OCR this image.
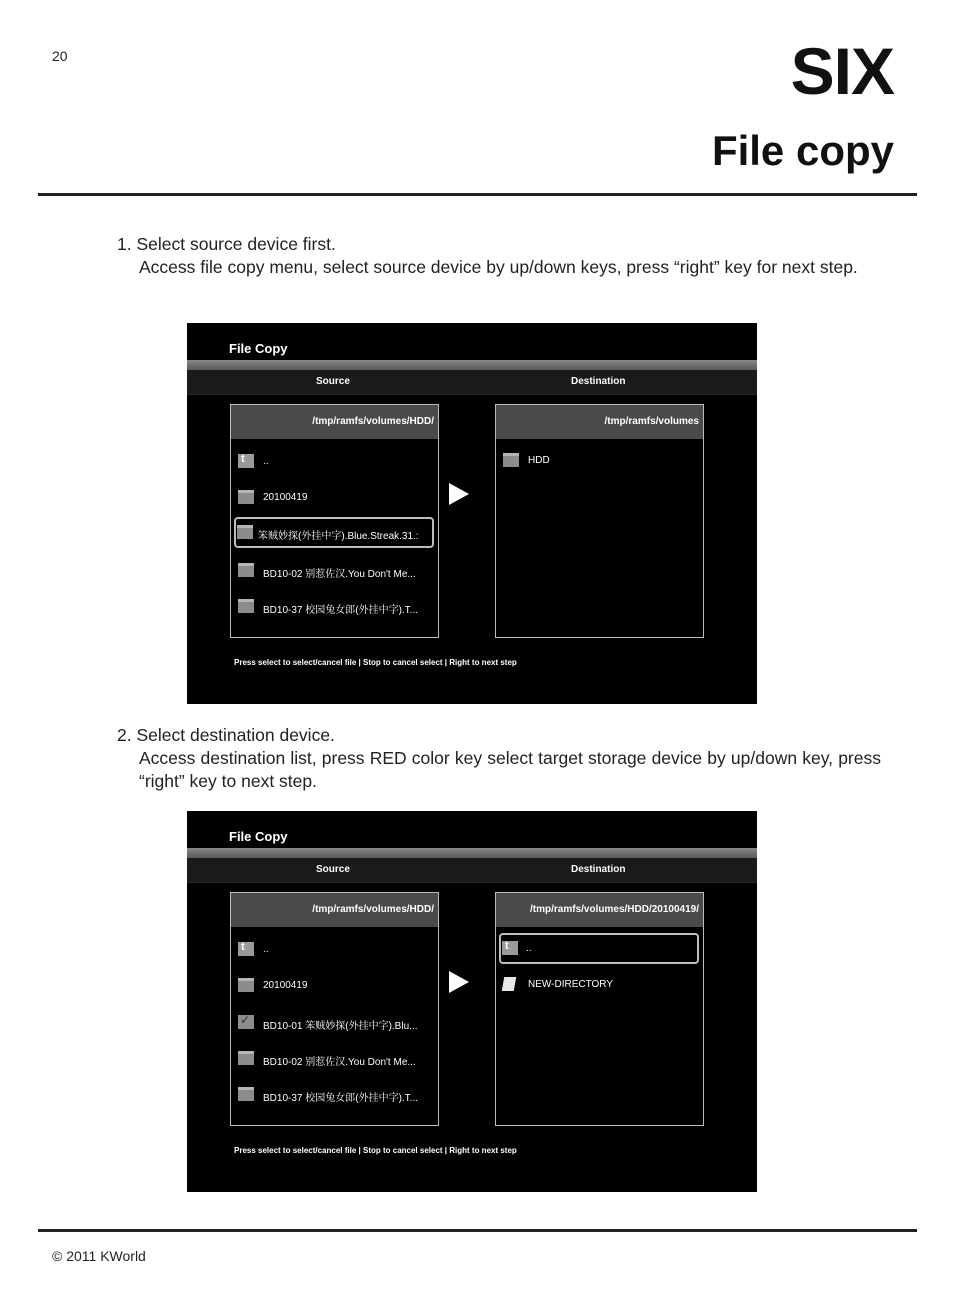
20	SIX
File copy
1. Select source device first.
Access file copy menu, select source device by up/down keys, press “right” key for next step.
File Copy
Source	Destination
/tmp/ramfs/volumes/HDD/
t
..
20100419
笨贼妙探(外挂中字).Blue.Streak.31.:
BD10-02 别惹佐汉.You Don't Me...
BD10-37 校园兔女郎(外挂中字).T...
/tmp/ramfs/volumes
HDD
Press select to select/cancel file | Stop to cancel select | Right to next step
2. Select destination device.
Access destination list, press RED color key select target storage device by up/down key, press “right” key to next step.
File Copy
Source	Destination
/tmp/ramfs/volumes/HDD/
t
..
20100419
✓
BD10-01 笨贼妙探(外挂中字).Blu...
BD10-02 别惹佐汉.You Don't Me...
BD10-37 校园兔女郎(外挂中字).T...
/tmp/ramfs/volumes/HDD/20100419/
t
..
NEW-DIRECTORY
Press select to select/cancel file | Stop to cancel select | Right to next step
© 2011 KWorld
